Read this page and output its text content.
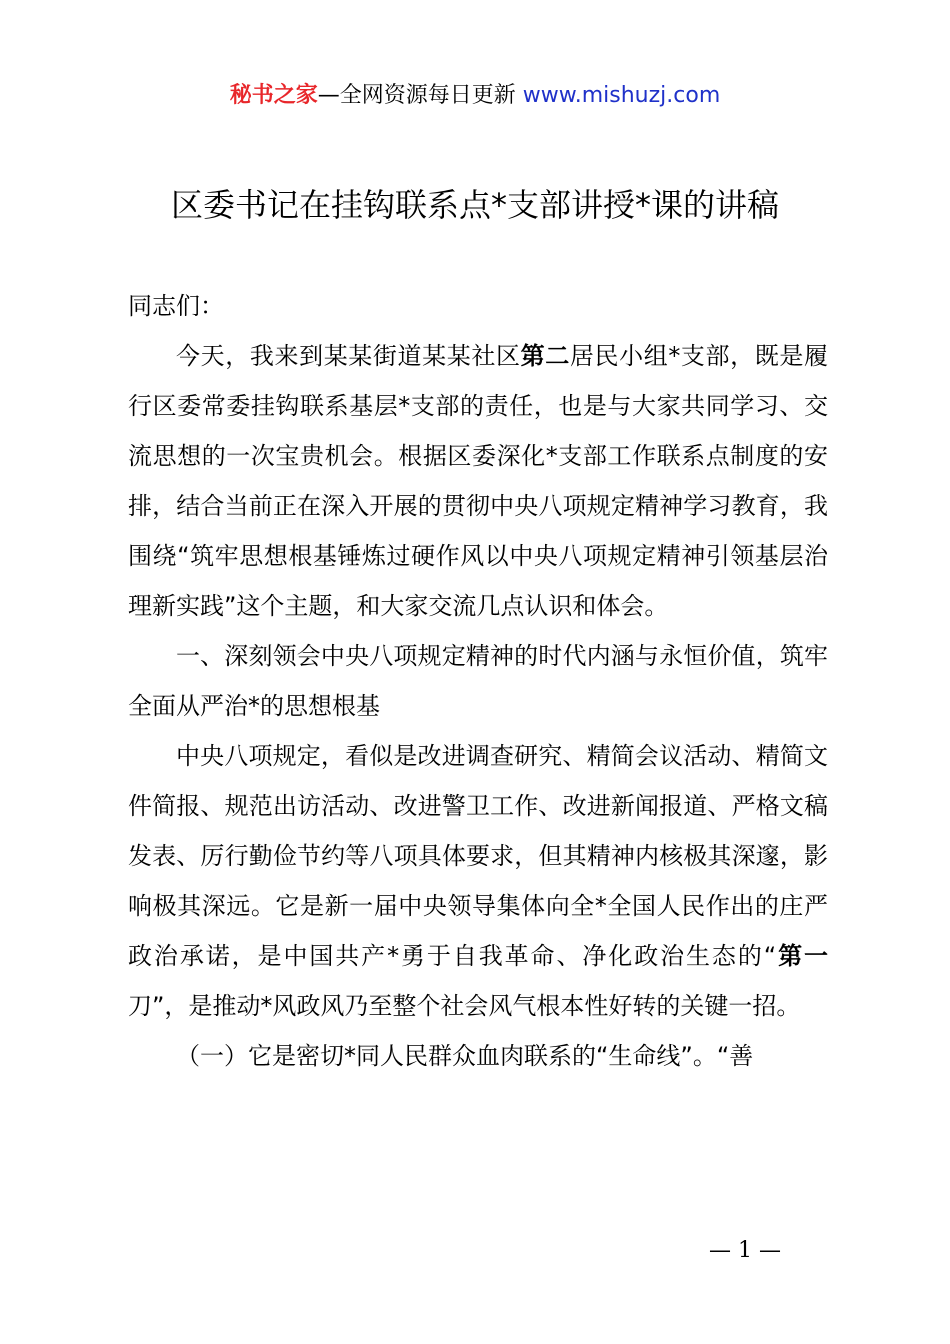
秘书之家—全网资源每日更新 www.mishuzj.com
区委书记在挂钩联系点*支部讲授*课的讲稿

同志们：

今天，我来到某某街道某某社区第二居民小组*支部，既是履行区委常委挂钩联系基层*支部的责任，也是与大家共同学习、交流思想的一次宝贵机会。根据区委深化*支部工作联系点制度的安排，结合当前正在深入开展的贯彻中央八项规定精神学习教育，我围绕“筑牢思想根基锤炼过硬作风以中央八项规定精神引领基层治理新实践”这个主题，和大家交流几点认识和体会。

一、深刻领会中央八项规定精神的时代内涵与永恒价值，筑牢全面从严治*的思想根基

中央八项规定，看似是改进调查研究、精简会议活动、精简文件简报、规范出访活动、改进警卫工作、改进新闻报道、严格文稿发表、厉行勤俭节约等八项具体要求，但其精神内核极其深邃，影响极其深远。它是新一届中央领导集体向全*全国人民作出的庄严政治承诺，是中国共产*勇于自我革命、净化政治生态的“第一刀”，是推动*风政风乃至整个社会风气根本性好转的关键一招。

（一）它是密切*同人民群众血肉联系的“生命线”。“善

— 1 —
